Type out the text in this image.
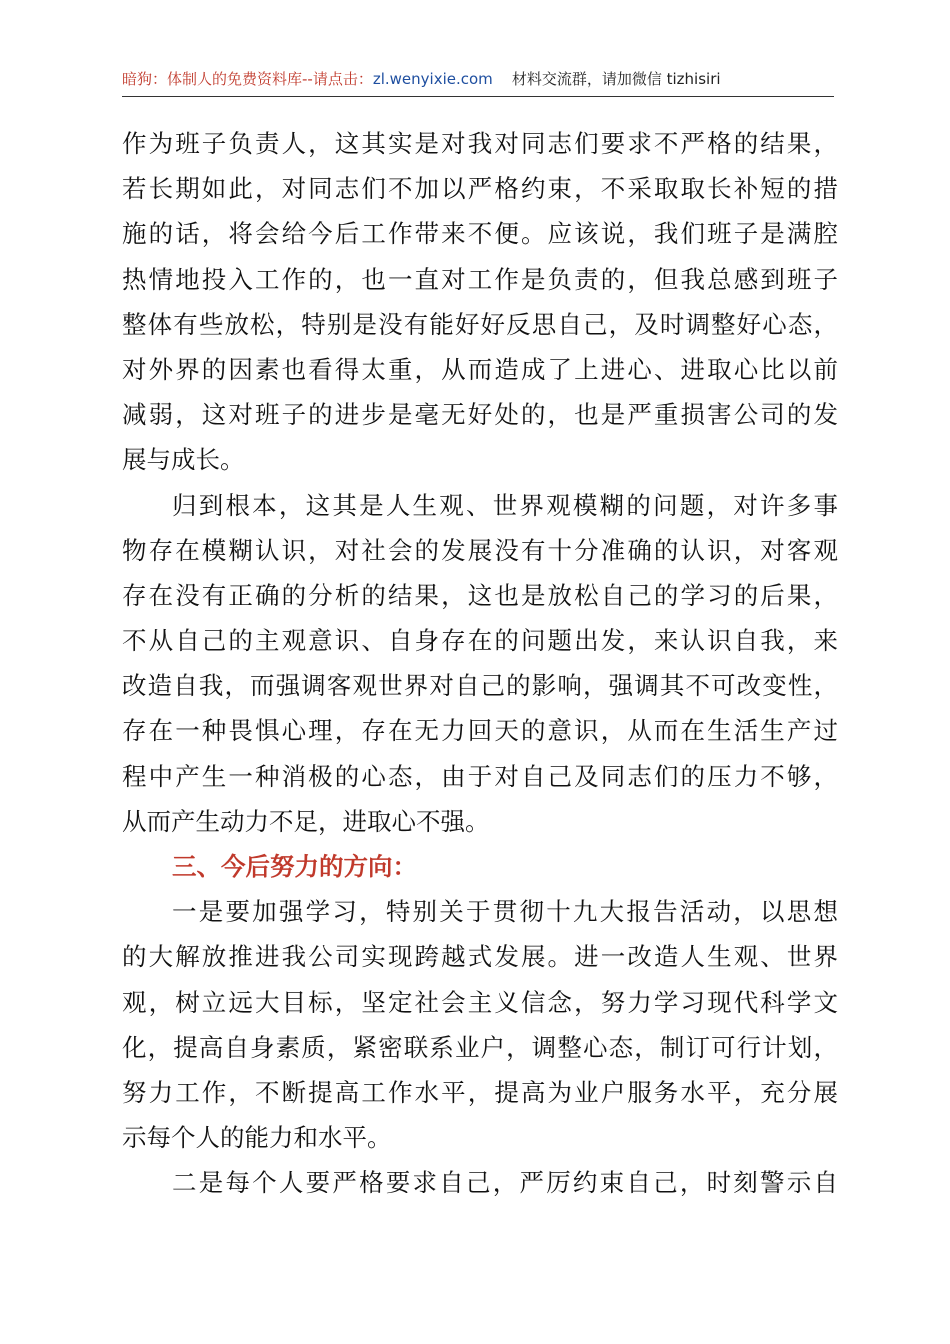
暗狗：体制人的免费资料库--请点击：zl.wenyixie.com 材料交流群，请加微信 tizhisiri
作为班子负责人，这其实是对我对同志们要求不严格的结果，
若长期如此，对同志们不加以严格约束，不采取取长补短的措
施的话，将会给今后工作带来不便。应该说，我们班子是满腔
热情地投入工作的，也一直对工作是负责的，但我总感到班子
整体有些放松，特别是没有能好好反思自己，及时调整好心态，
对外界的因素也看得太重，从而造成了上进心、进取心比以前
减弱，这对班子的进步是毫无好处的，也是严重损害公司的发
展与成长。
归到根本，这其是人生观、世界观模糊的问题，对许多事
物存在模糊认识，对社会的发展没有十分准确的认识，对客观
存在没有正确的分析的结果，这也是放松自己的学习的后果，
不从自己的主观意识、自身存在的问题出发，来认识自我，来
改造自我，而强调客观世界对自己的影响，强调其不可改变性，
存在一种畏惧心理，存在无力回天的意识，从而在生活生产过
程中产生一种消极的心态，由于对自己及同志们的压力不够，
从而产生动力不足，进取心不强。
三、今后努力的方向：
一是要加强学习，特别关于贯彻十九大报告活动，以思想
的大解放推进我公司实现跨越式发展。进一改造人生观、世界
观，树立远大目标，坚定社会主义信念，努力学习现代科学文
化，提高自身素质，紧密联系业户，调整心态，制订可行计划，
努力工作，不断提高工作水平，提高为业户服务水平，充分展
示每个人的能力和水平。
二是每个人要严格要求自己，严厉约束自己，时刻警示自
